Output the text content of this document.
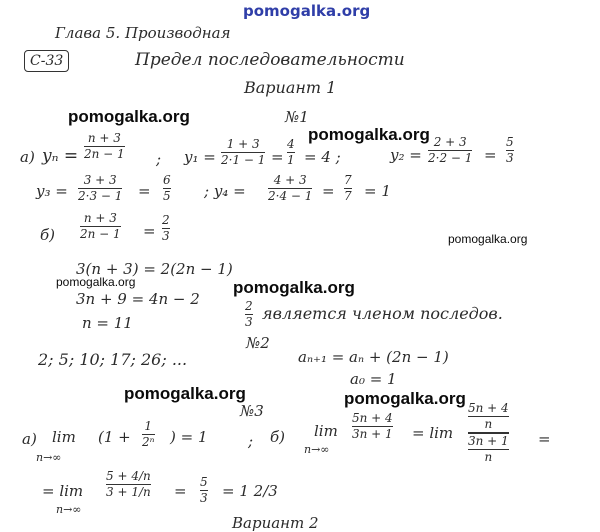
pomogalka.org
pomogalka.org
pomogalka.org
pomogalka.org
pomogalka.org	pomogalka.org
pomogalka.org	pomogalka.org
Глава 5. Производная
С-33	Предел последовательности
Вариант 1
№1
а) yₙ =
n + 3
2n − 1 ; y₁ =
1 + 3
2·1 − 1 =
4
1 = 4 ;	y₂ =
2 + 3
2·2 − 1 =
5
3
y₃ =
3 + 3
2·3 − 1 =
6
5 ; y₄ =
4 + 3
2·4 − 1 =
7
7 = 1
б)
n + 3
2n − 1 =
2
3
3(n + 3) = 2(2n − 1)
3n + 9 = 4n − 2
n = 11
2
3 является членом последов.
№2
2; 5; 10; 17; 26; ...	aₙ₊₁ = aₙ + (2n − 1)
a₀ = 1
№3
а) lim
n→∞
(1 +
1
2ⁿ ) = 1	; б) lim
n→∞
5n + 4
3n + 1 = lim
$\frac{5n + 4}{n}$
$\frac{3n + 1}{n}$ =
= lim
n→∞
5 + 4/n
3 + 1/n = 5
3 = 1 2/3
Вариант 2
